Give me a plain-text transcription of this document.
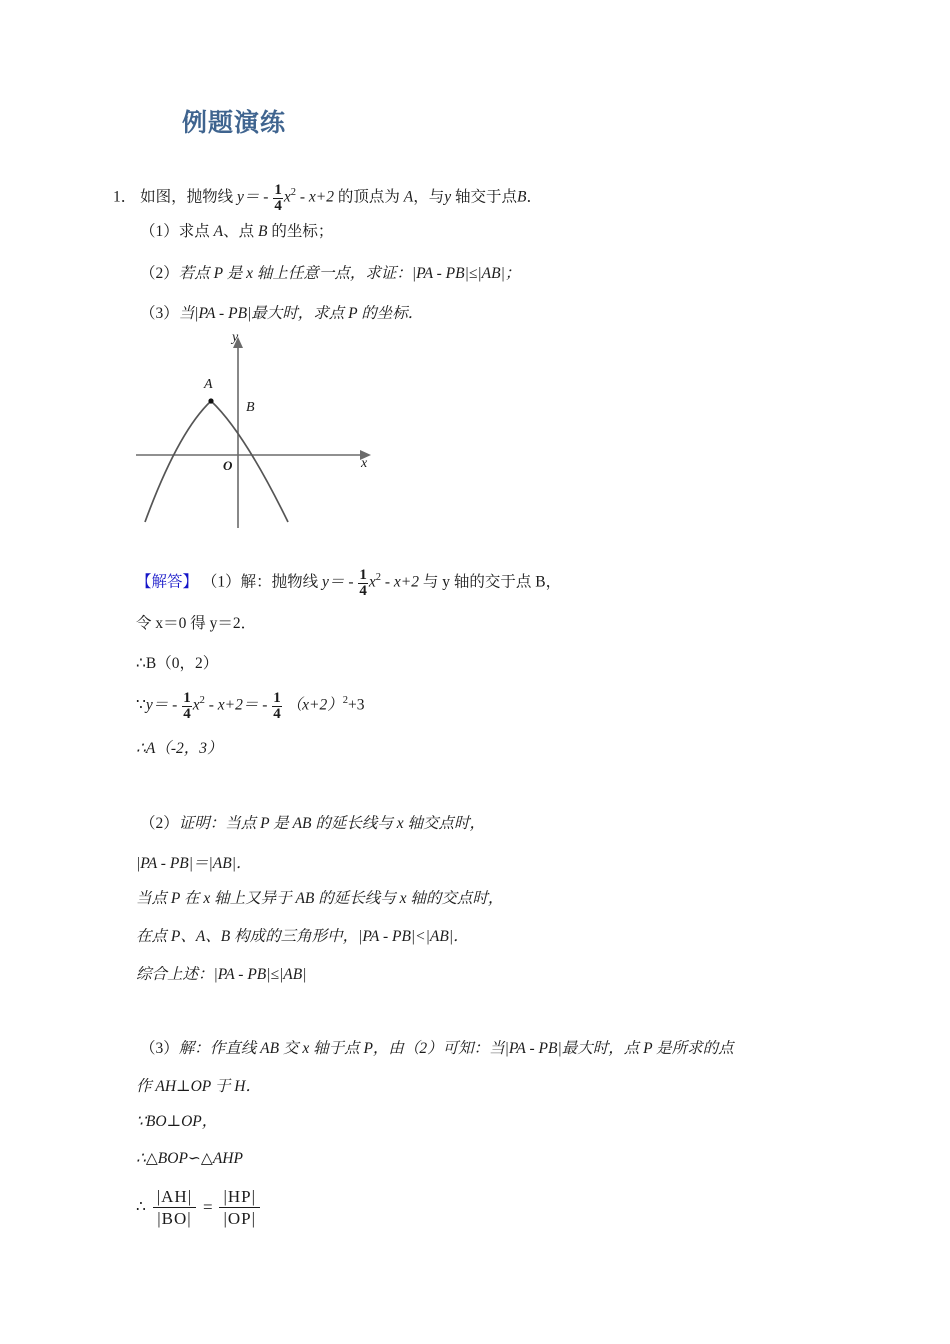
例题演练
1． 如图，抛物线 $y= - \frac{1}{4} x^2 - x+2$ 的顶点为 A，与y 轴交于点B．
（1）求点 A、点 B 的坐标；
（2）若点 P 是 x 轴上任意一点，求证：|PA - PB|≤|AB|；
（3）当|PA - PB|最大时，求点 P 的坐标．
A
B
O	x
y
【解答】 （1）解：抛物线 $y= - \frac{1}{4} x^2 - x+2$ 与 y 轴的交于点 B，
令 x＝0 得 y＝2．
∴B（0，2）
∵y＝ - $\frac{1}{4} x^2 - x+2= - \frac{1}{4} (x+2)^2+3$
∴A（-2，3）
（2）证明：当点 P 是 AB 的延长线与 x 轴交点时，
|PA - PB|＝|AB|．
当点 P 在 x 轴上又异于 AB 的延长线与 x 轴的交点时，
在点 P、A、B 构成的三角形中，|PA - PB|<|AB|．
综合上述：|PA - PB|≤|AB|
（3）解：作直线 AB 交 x 轴于点 P，由（2）可知：当|PA - PB|最大时，点 P 是所求的点
作 AH⊥OP 于 H．
∵BO⊥OP，
∴△BOP∽△AHP
∴ $\frac{|AH|}{|BO|} = \frac{|HP|}{|OP|}$
